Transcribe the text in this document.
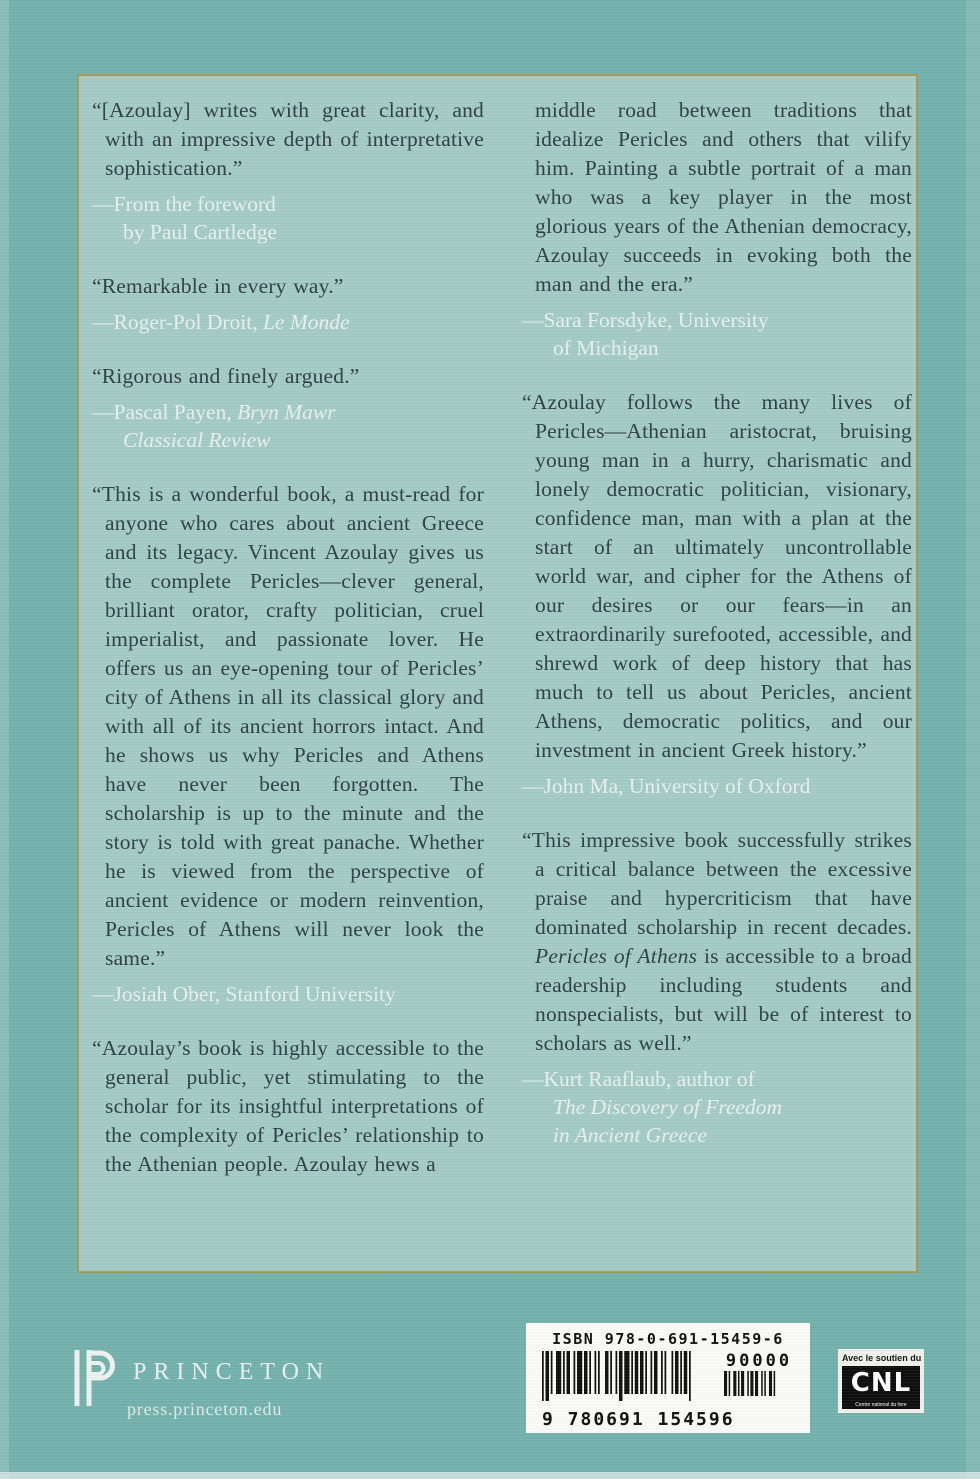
“[Azoulay] writes with great clarity, and with an impressive depth of interpretative sophistication.”
—From the foreword
by Paul Cartledge
“Remarkable in every way.”
—Roger-Pol Droit, Le Monde
“Rigorous and finely argued.”
—Pascal Payen, Bryn Mawr
Classical Review
“This is a wonderful book, a must-read for anyone who cares about ancient Greece and its legacy. Vincent Azoulay gives us the complete Pericles—clever general, brilliant orator, crafty politician, cruel imperialist, and passionate lover. He offers us an eye-opening tour of Pericles’ city of Athens in all its classical glory and with all of its ancient horrors intact. And he shows us why Pericles and Athens have never been forgotten. The scholarship is up to the minute and the story is told with great panache. Whether he is viewed from the perspective of ancient evidence or modern reinvention, Pericles of Athens will never look the same.”
—Josiah Ober, Stanford University
“Azoulay’s book is highly accessible to the general public, yet stimulating to the scholar for its insightful interpretations of the complexity of Pericles’ relationship to the Athenian people. Azoulay hews a
middle road between traditions that idealize Pericles and others that vilify him. Painting a subtle portrait of a man who was a key player in the most glorious years of the Athenian democracy, Azoulay succeeds in evoking both the man and the era.”
—Sara Forsdyke, University
of Michigan
“Azoulay follows the many lives of Pericles—Athenian aristocrat, bruising young man in a hurry, charismatic and lonely democratic politician, visionary, confidence man, man with a plan at the start of an ultimately uncontrollable world war, and cipher for the Athens of our desires or our fears—in an extraordinarily surefooted, accessible, and shrewd work of deep history that has much to tell us about Pericles, ancient Athens, democratic politics, and our investment in ancient Greek history.”
—John Ma, University of Oxford
“This impressive book successfully strikes a critical balance between the excessive praise and hypercriticism that have dominated scholarship in recent decades. Pericles of Athens is accessible to a broad readership including students and nonspecialists, but will be of interest to scholars as well.”
—Kurt Raaflaub, author of
The Discovery of Freedom
in Ancient Greece
PRINCETON
press.princeton.edu
ISBN 978-0-691-15459-6
9 780691 154596
90000	Avec le soutien du
CNL
Centre national du livre
